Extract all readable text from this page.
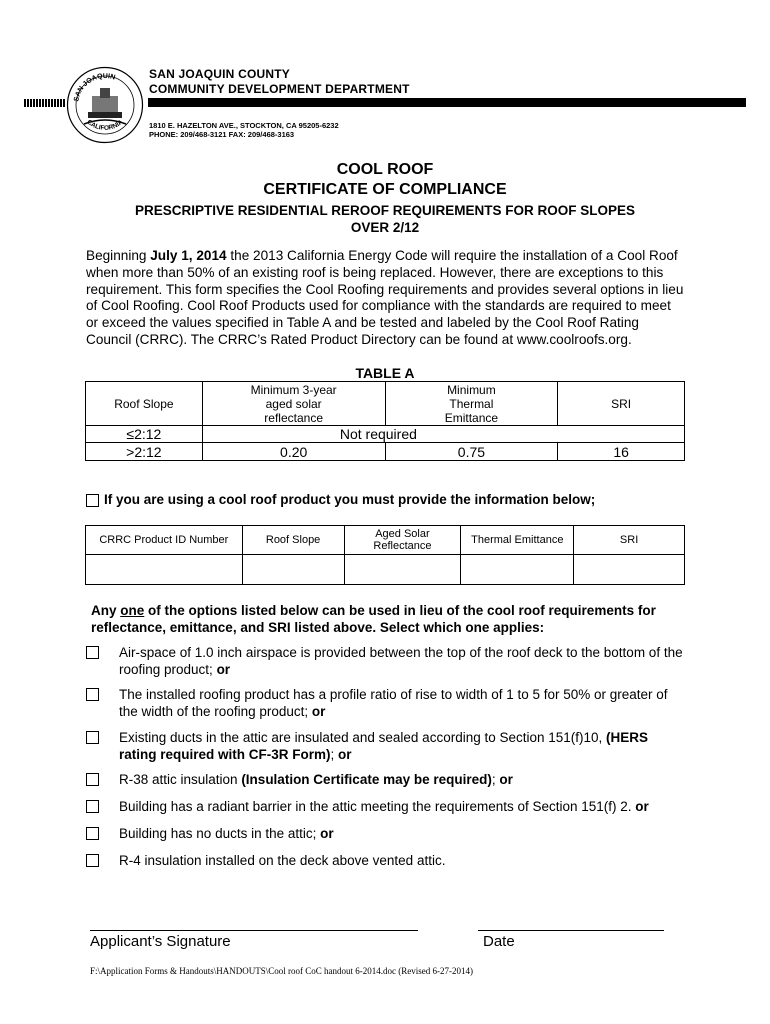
SAN JOAQUIN
CALIFORNIA
SAN JOAQUIN COUNTY
COMMUNITY DEVELOPMENT DEPARTMENT
1810 E. HAZELTON AVE., STOCKTON, CA 95205-6232
PHONE: 209/468-3121 FAX: 209/468-3163
COOL ROOF
CERTIFICATE OF COMPLIANCE
PRESCRIPTIVE RESIDENTIAL REROOF REQUIREMENTS FOR ROOF SLOPES
OVER 2/12
Beginning July 1, 2014 the 2013 California Energy Code will require the installation of a Cool Roof when more than 50% of an existing roof is being replaced. However, there are exceptions to this requirement. This form specifies the Cool Roofing requirements and provides several options in lieu of Cool Roofing. Cool Roof Products used for compliance with the standards are required to meet or exceed the values specified in Table A and be tested and labeled by the Cool Roof Rating Council (CRRC). The CRRC’s Rated Product Directory can be found at www.coolroofs.org.
TABLE A
Roof Slope	Minimum 3-year aged solar reflectance	Minimum Thermal Emittance	SRI
≤2:12	Not required		
>2:12	0.20	0.75	16
If you are using a cool roof product you must provide the information below;
CRRC Product ID Number	Roof Slope	Aged Solar Reflectance	Thermal Emittance	SRI

Any one of the options listed below can be used in lieu of the cool roof requirements for reflectance, emittance, and SRI listed above. Select which one applies:
Air-space of 1.0 inch airspace is provided between the top of the roof deck to the bottom of the roofing product; or
The installed roofing product has a profile ratio of rise to width of 1 to 5 for 50% or greater of the width of the roofing product; or
Existing ducts in the attic are insulated and sealed according to Section 151(f)10, (HERS rating required with CF-3R Form); or
R-38 attic insulation (Insulation Certificate may be required); or
Building has a radiant barrier in the attic meeting the requirements of Section 151(f) 2. or
Building has no ducts in the attic; or
R-4 insulation installed on the deck above vented attic.
Applicant’s Signature	Date
F:\Application Forms & Handouts\HANDOUTS\Cool roof CoC handout 6-2014.doc (Revised 6-27-2014)
